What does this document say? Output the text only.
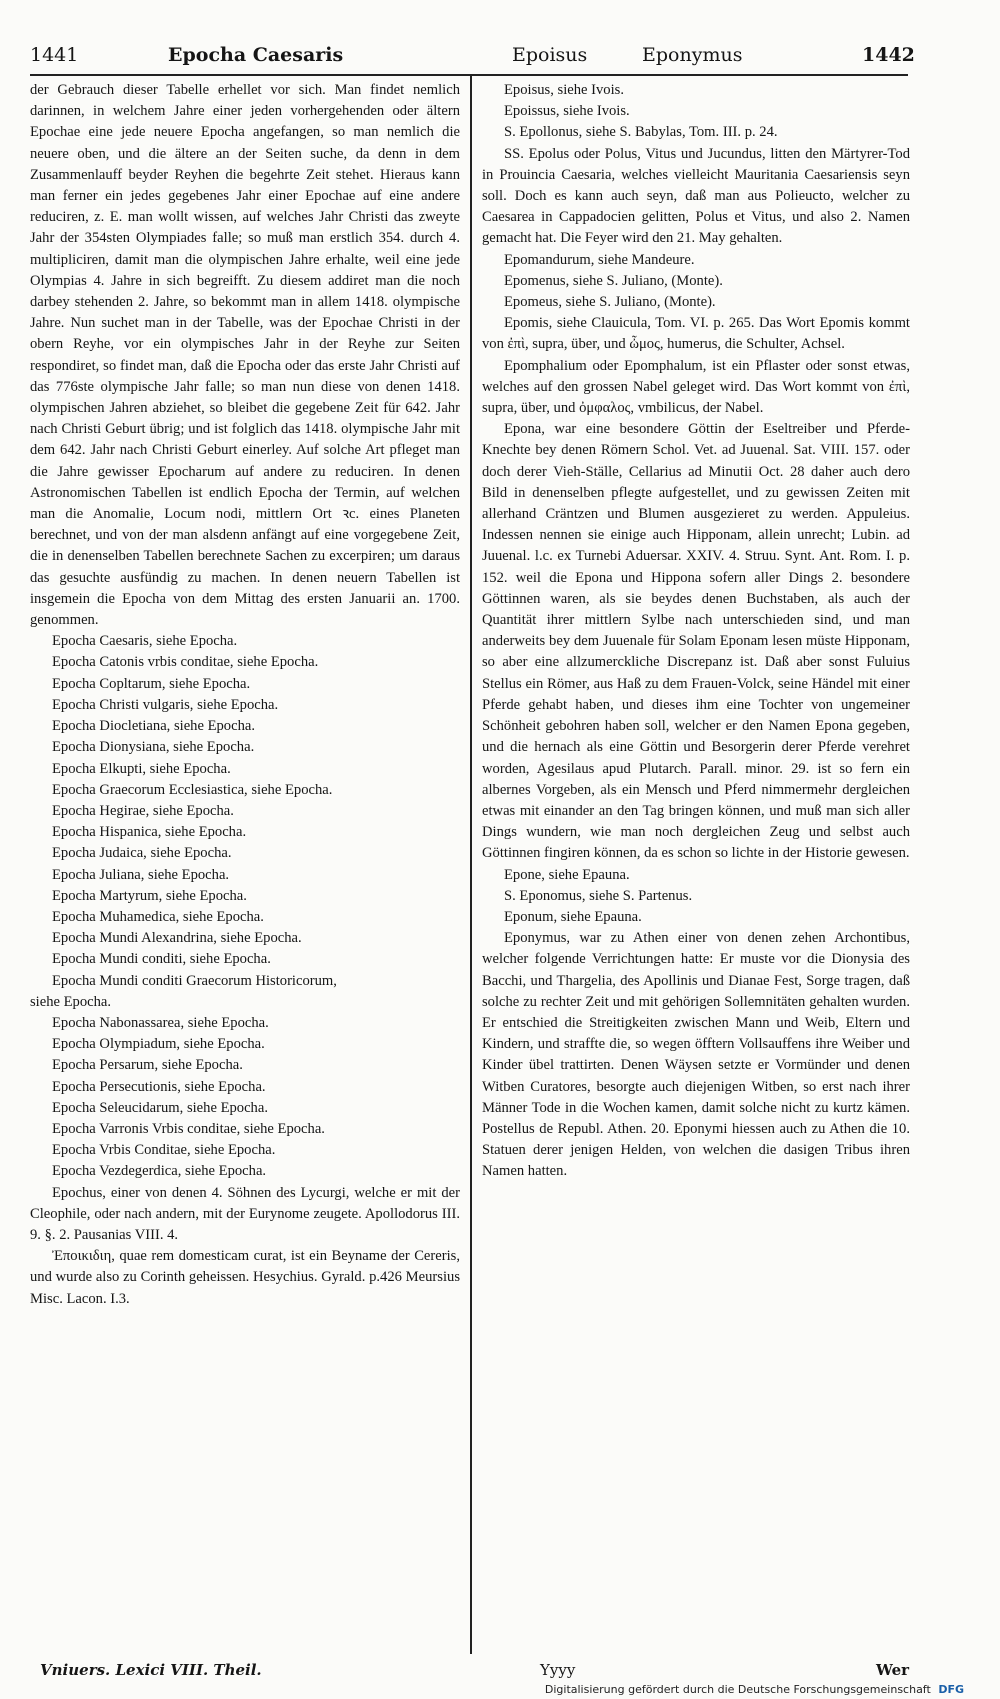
1441	Epocha Caesaris	Epoisus	Eponymus	1442

der Gebrauch dieser Tabelle erhellet vor sich. Man findet nemlich darinnen, in welchem Jahre einer jeden vorhergehenden oder ältern Epochae eine jede neuere Epocha angefangen, so man nemlich die neuere oben, und die ältere an der Seiten suche, da denn in dem Zusammenlauff beyder Reyhen die begehrte Zeit stehet. Hieraus kann man ferner ein jedes gegebenes Jahr einer Epochae auf eine andere reduciren, z. E. man wollt wissen, auf welches Jahr Christi das zweyte Jahr der 354sten Olympiades falle; so muß man erstlich 354. durch 4. multipliciren, damit man die olympischen Jahre erhalte, weil eine jede Olympias 4. Jahre in sich begreifft. Zu diesem addiret man die noch darbey stehenden 2. Jahre, so bekommt man in allem 1418. olympische Jahre. Nun suchet man in der Tabelle, was der Epochae Christi in der obern Reyhe, vor ein olympisches Jahr in der Reyhe zur Seiten respondiret, so findet man, daß die Epocha oder das erste Jahr Christi auf das 776ste olympische Jahr falle; so man nun diese von denen 1418. olympischen Jahren abziehet, so bleibet die gegebene Zeit für 642. Jahr nach Christi Geburt übrig; und ist folglich das 1418. olympische Jahr mit dem 642. Jahr nach Christi Geburt einerley. Auf solche Art pfleget man die Jahre gewisser Epocharum auf andere zu reduciren. In denen Astronomischen Tabellen ist endlich Epocha der Termin, auf welchen man die Anomalie, Locum nodi, mittlern Ort ꝛc. eines Planeten berechnet, und von der man alsdenn anfängt auf eine vorgegebene Zeit, die in denenselben Tabellen berechnete Sachen zu excerpiren; um daraus das gesuchte ausfündig zu machen. In denen neuern Tabellen ist insgemein die Epocha von dem Mittag des ersten Januarii an. 1700. genommen.

Epocha Caesaris, siehe Epocha.

Epocha Catonis vrbis conditae, siehe Epocha.

Epocha Copltarum, siehe Epocha.

Epocha Christi vulgaris, siehe Epocha.

Epocha Diocletiana, siehe Epocha.

Epocha Dionysiana, siehe Epocha.

Epocha Elkupti, siehe Epocha.

Epocha Graecorum Ecclesiastica, siehe Epocha.

Epocha Hegirae, siehe Epocha.

Epocha Hispanica, siehe Epocha.

Epocha Judaica, siehe Epocha.

Epocha Juliana, siehe Epocha.

Epocha Martyrum, siehe Epocha.

Epocha Muhamedica, siehe Epocha.

Epocha Mundi Alexandrina, siehe Epocha.

Epocha Mundi conditi, siehe Epocha.

Epocha Mundi conditi Graecorum Historicorum,

siehe Epocha.

Epocha Nabonassarea, siehe Epocha.

Epocha Olympiadum, siehe Epocha.

Epocha Persarum, siehe Epocha.

Epocha Persecutionis, siehe Epocha.

Epocha Seleucidarum, siehe Epocha.

Epocha Varronis Vrbis conditae, siehe Epocha.

Epocha Vrbis Conditae, siehe Epocha.

Epocha Vezdegerdica, siehe Epocha.

Epochus, einer von denen 4. Söhnen des Lycurgi, welche er mit der Cleophile, oder nach andern, mit der Eurynome zeugete. Apollodorus III. 9. §. 2. Pausanias VIII. 4.

Ἐποικιδιη, quae rem domesticam curat, ist ein Beyname der Cereris, und wurde also zu Corinth geheissen. Hesychius. Gyrald. p.426 Meursius Misc. Lacon. I.3.

Epoisus, siehe Ivois.

Epoissus, siehe Ivois.

S. Epollonus, siehe S. Babylas, Tom. III. p. 24.

SS. Epolus oder Polus, Vitus und Jucundus, litten den Märtyrer-Tod in Prouincia Caesaria, welches vielleicht Mauritania Caesariensis seyn soll. Doch es kann auch seyn, daß man aus Polieucto, welcher zu Caesarea in Cappadocien gelitten, Polus et Vitus, und also 2. Namen gemacht hat. Die Feyer wird den 21. May gehalten.

Epomandurum, siehe Mandeure.

Epomenus, siehe S. Juliano, (Monte).

Epomeus, siehe S. Juliano, (Monte).

Epomis, siehe Clauicula, Tom. VI. p. 265. Das Wort Epomis kommt von ἐπὶ, supra, über, und ὦμος, humerus, die Schulter, Achsel.

Epomphalium oder Epomphalum, ist ein Pflaster oder sonst etwas, welches auf den grossen Nabel geleget wird. Das Wort kommt von ἐπὶ, supra, über, und ὀμφαλος, vmbilicus, der Nabel.

Epona, war eine besondere Göttin der Eseltreiber und Pferde-Knechte bey denen Römern Schol. Vet. ad Juuenal. Sat. VIII. 157. oder doch derer Vieh-Ställe, Cellarius ad Minutii Oct. 28 daher auch dero Bild in denenselben pflegte aufgestellet, und zu gewissen Zeiten mit allerhand Cräntzen und Blumen ausgezieret zu werden. Appuleius. Indessen nennen sie einige auch Hipponam, allein unrecht; Lubin. ad Juuenal. l.c. ex Turnebi Aduersar. XXIV. 4. Struu. Synt. Ant. Rom. I. p. 152. weil die Epona und Hippona sofern aller Dings 2. besondere Göttinnen waren, als sie beydes denen Buchstaben, als auch der Quantität ihrer mittlern Sylbe nach unterschieden sind, und man anderweits bey dem Juuenale für Solam Eponam lesen müste Hipponam, so aber eine allzumerckliche Discrepanz ist. Daß aber sonst Fuluius Stellus ein Römer, aus Haß zu dem Frauen-Volck, seine Händel mit einer Pferde gehabt haben, und dieses ihm eine Tochter von ungemeiner Schönheit gebohren haben soll, welcher er den Namen Epona gegeben, und die hernach als eine Göttin und Besorgerin derer Pferde verehret worden, Agesilaus apud Plutarch. Parall. minor. 29. ist so fern ein albernes Vorgeben, als ein Mensch und Pferd nimmermehr dergleichen etwas mit einander an den Tag bringen können, und muß man sich aller Dings wundern, wie man noch dergleichen Zeug und selbst auch Göttinnen fingiren können, da es schon so lichte in der Historie gewesen.

Epone, siehe Epauna.

S. Eponomus, siehe S. Partenus.

Eponum, siehe Epauna.

Eponymus, war zu Athen einer von denen zehen Archontibus, welcher folgende Verrichtungen hatte: Er muste vor die Dionysia des Bacchi, und Thargelia, des Apollinis und Dianae Fest, Sorge tragen, daß solche zu rechter Zeit und mit gehörigen Sollemnitäten gehalten wurden. Er entschied die Streitigkeiten zwischen Mann und Weib, Eltern und Kindern, und straffte die, so wegen öfftern Vollsauffens ihre Weiber und Kinder übel trattirten. Denen Wäysen setzte er Vormünder und denen Witben Curatores, besorgte auch diejenigen Witben, so erst nach ihrer Männer Tode in die Wochen kamen, damit solche nicht zu kurtz kämen. Postellus de Republ. Athen. 20. Eponymi hiessen auch zu Athen die 10. Statuen derer jenigen Helden, von welchen die dasigen Tribus ihren Namen hatten.

Vniuers. Lexici VIII. Theil.	Yyyy	Wer
Digitalisierung gefördert durch die Deutsche Forschungsgemeinschaft DFG
